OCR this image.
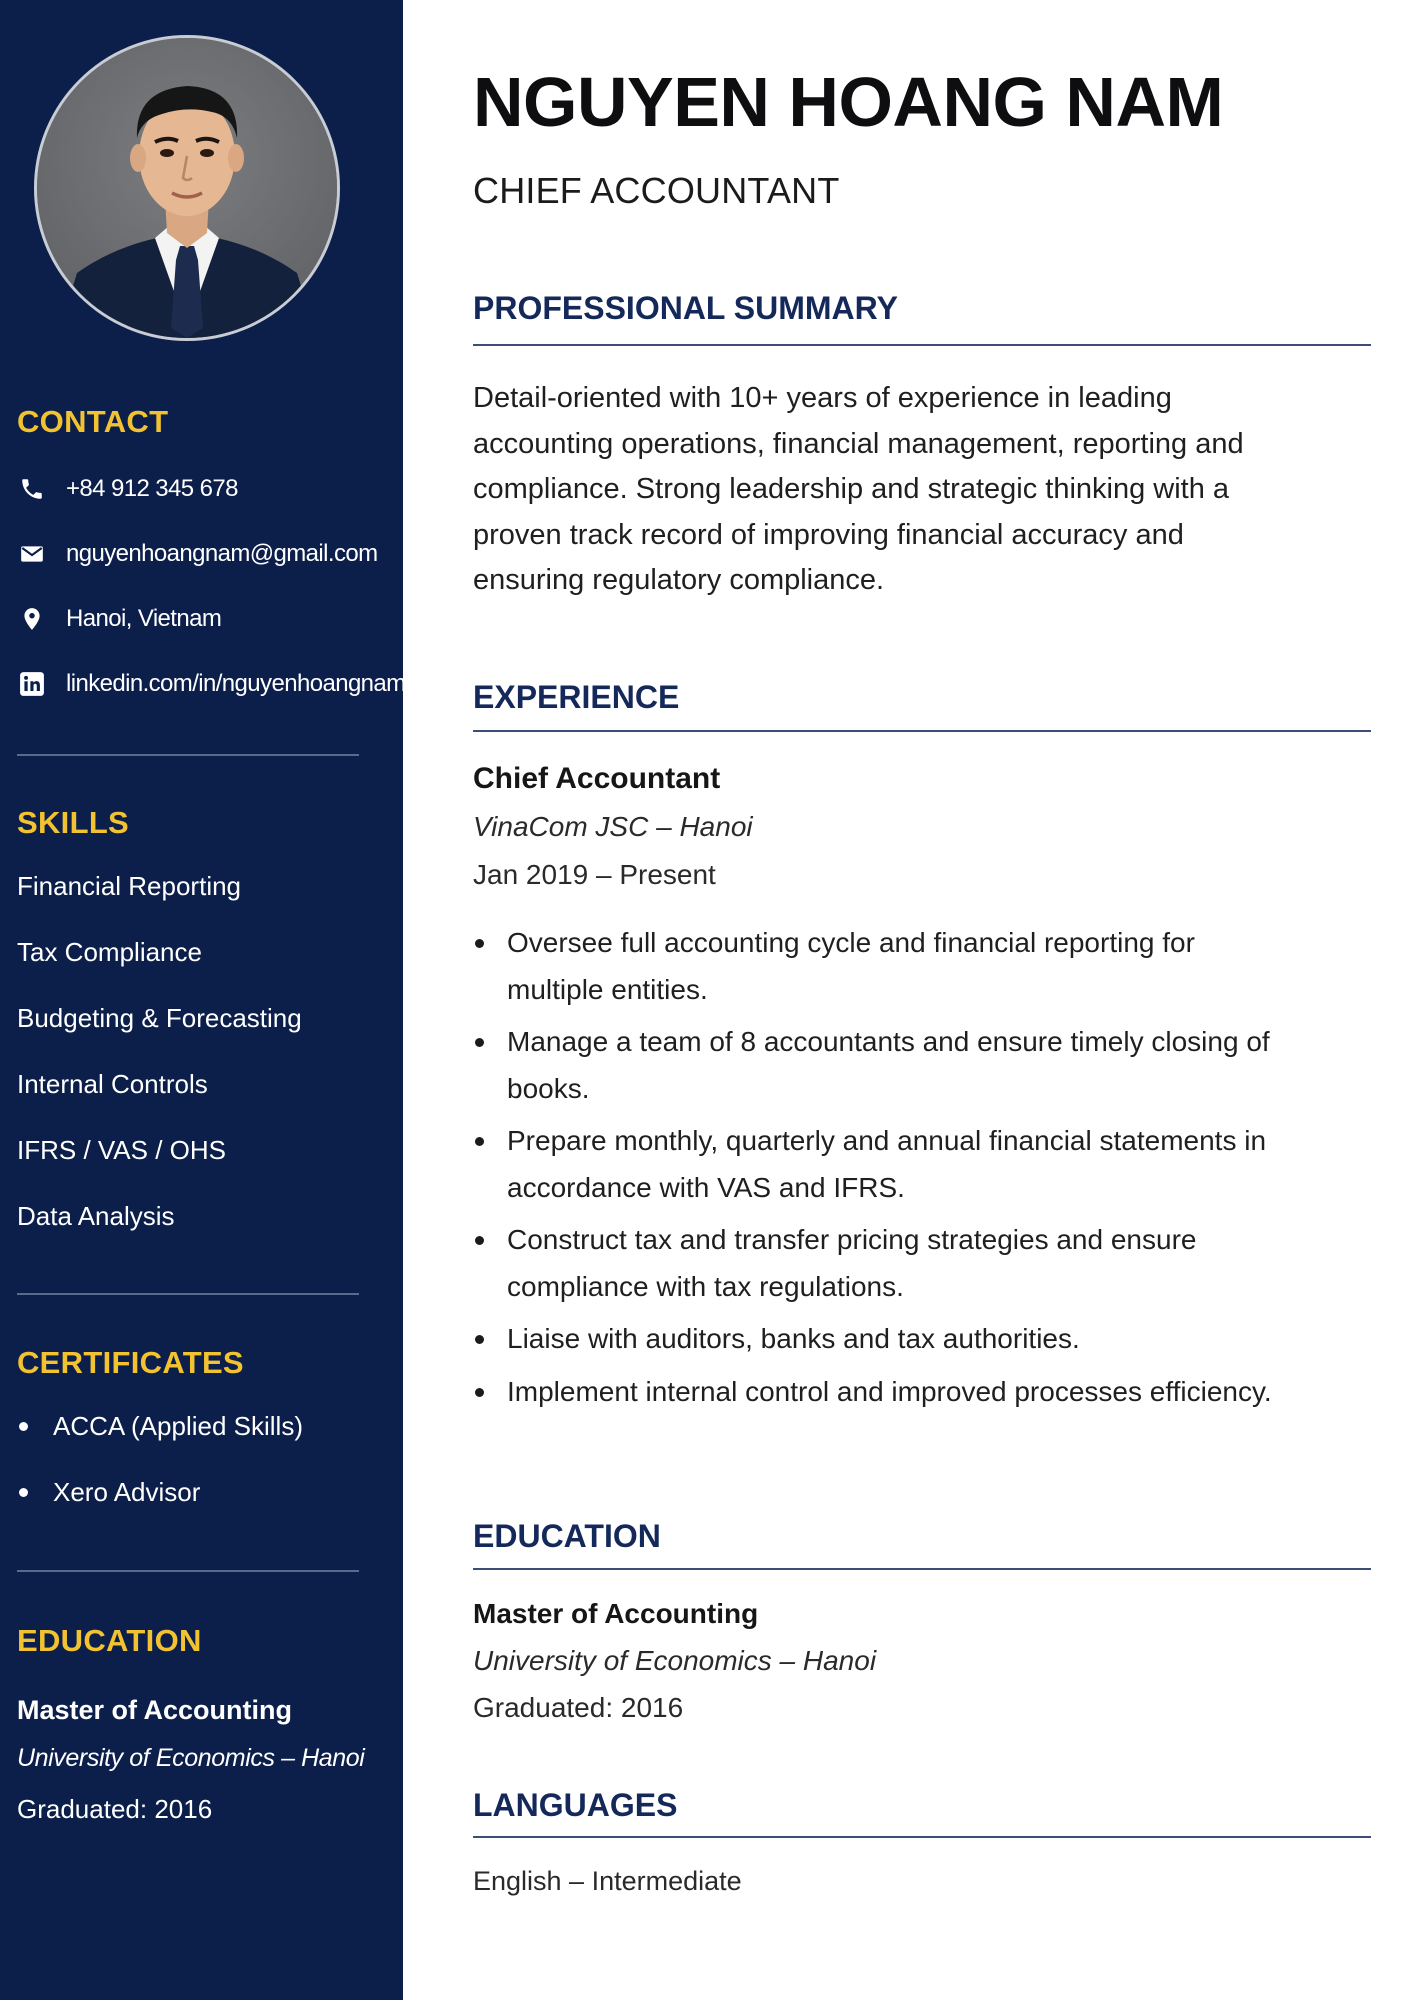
CONTACT
+84 912 345 678
nguyenhoangnam@gmail.com
Hanoi, Vietnam
linkedin.com/in/nguyenhoangnam
SKILLS
Financial Reporting
Tax Compliance
Budgeting & Forecasting
Internal Controls
IFRS / VAS / OHS
Data Analysis
CERTIFICATES
ACCA (Applied Skills)
Xero Advisor
EDUCATION

Master of Accounting

University of Economics – Hanoi

Graduated: 2016

NGUYEN HOANG NAM

CHIEF ACCOUNTANT

PROFESSIONAL SUMMARY

Detail-oriented with 10+ years of experience in leading accounting operations, financial management, reporting and compliance. Strong leadership and strategic thinking with a proven track record of improving financial accuracy and ensuring regulatory compliance.

EXPERIENCE

Chief Accountant

VinaCom JSC – Hanoi

Jan 2019 – Present

Oversee full accounting cycle and financial reporting for multiple entities.
Manage a team of 8 accountants and ensure timely closing of books.
Prepare monthly, quarterly and annual financial statements in accordance with VAS and IFRS.
Construct tax and transfer pricing strategies and ensure compliance with tax regulations.
Liaise with auditors, banks and tax authorities.
Implement internal control and improved processes efficiency.
EDUCATION

Master of Accounting

University of Economics – Hanoi

Graduated: 2016

LANGUAGES

English – Intermediate
